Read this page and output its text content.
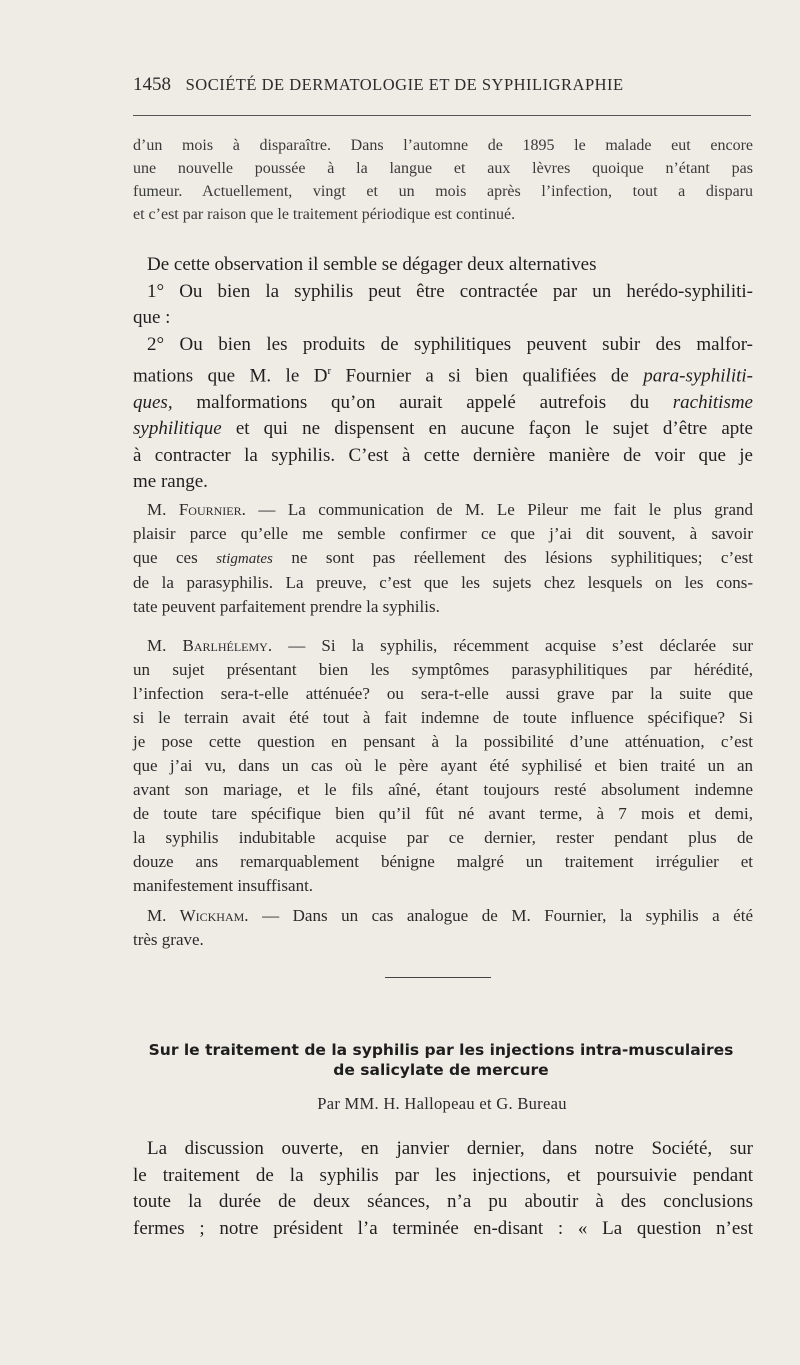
1458 SOCIÉTÉ DE DERMATOLOGIE ET DE SYPHILIGRAPHIE
d’un mois à disparaître. Dans l’automne de 1895 le malade eut encore
une nouvelle poussée à la langue et aux lèvres quoique n’étant pas
fumeur. Actuellement, vingt et un mois après l’infection, tout a disparu
et c’est par raison que le traitement périodique est continué.
De cette observation il semble se dégager deux alternatives
1° Ou bien la syphilis peut être contractée par un herédo-syphiliti-
que :
2° Ou bien les produits de syphilitiques peuvent subir des malfor-
mations que M. le $D^r$ Fournier a si bien qualifiées de para-syphiliti-
ques, malformations qu’on aurait appelé autrefois du rachitisme
syphilitique et qui ne dispensent en aucune façon le sujet d’être apte
à contracter la syphilis. C’est à cette dernière manière de voir que je
me range.
M. Fournier. — La communication de M. Le Pileur me fait le plus grand
plaisir parce qu’elle me semble confirmer ce que j’ai dit souvent, à savoir
que ces stigmates ne sont pas réellement des lésions syphilitiques; c’est
de la parasyphilis. La preuve, c’est que les sujets chez lesquels on les cons-
tate peuvent parfaitement prendre la syphilis.
M. Barlhélemy. — Si la syphilis, récemment acquise s’est déclarée sur
un sujet présentant bien les symptômes parasyphilitiques par hérédité,
l’infection sera-t-elle atténuée? ou sera-t-elle aussi grave par la suite que
si le terrain avait été tout à fait indemne de toute influence spécifique? Si
je pose cette question en pensant à la possibilité d’une atténuation, c’est
que j’ai vu, dans un cas où le père ayant été syphilisé et bien traité un an
avant son mariage, et le fils aîné, étant toujours resté absolument indemne
de toute tare spécifique bien qu’il fût né avant terme, à 7 mois et demi,
la syphilis indubitable acquise par ce dernier, rester pendant plus de
douze ans remarquablement bénigne malgré un traitement irrégulier et
manifestement insuffisant.
M. Wickham. — Dans un cas analogue de M. Fournier, la syphilis a été
très grave.
Sur le traitement de la syphilis par les injections intra-musculaires
de salicylate de mercure
Par MM. H. Hallopeau et G. Bureau
La discussion ouverte, en janvier dernier, dans notre Société, sur
le traitement de la syphilis par les injections, et poursuivie pendant
toute la durée de deux séances, n’a pu aboutir à des conclusions
fermes ; notre président l’a terminée en-disant : « La question n’est
